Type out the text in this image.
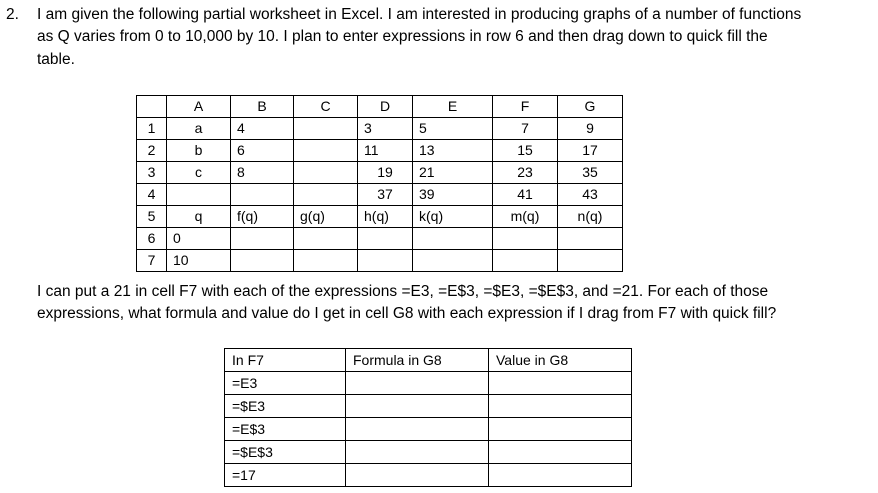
2. I am given the following partial worksheet in Excel. I am interested in producing graphs of a number of functions
as Q varies from 0 to 10,000 by 10. I plan to enter expressions in row 6 and then drag down to quick fill the
table.
	A	B	C	D	E	F	G
1	a	4		3	5	7	9
2	b	6		11	13	15	17
3	c	8		19	21	23	35
4				37	39	41	43
5	q	f(q)	g(q)	h(q)	k(q)	m(q)	n(q)
6	0						
7	10						
I can put a 21 in cell F7 with each of the expressions =E3, =E$3, =$E3, =$E$3, and =21. For each of those
expressions, what formula and value do I get in cell G8 with each expression if I drag from F7 with quick fill?
In F7	Formula in G8	Value in G8
=E3		
=$E3		
=E$3		
=$E$3		
=17		
